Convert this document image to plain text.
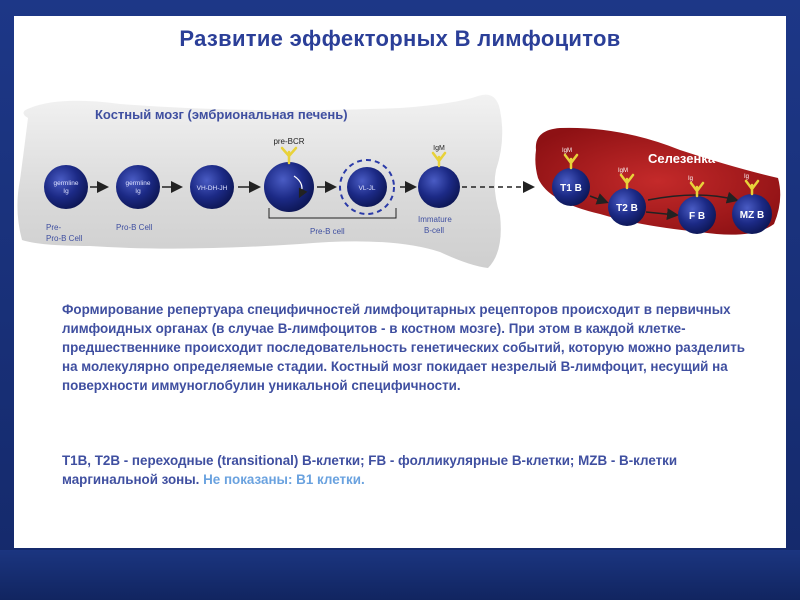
Развитие эффекторных В лимфоцитов
Костный мозг (эмбриональная печень)
Селезенка
germline
Ig
Pre-
Pro-B Cell
germline
Ig
Pro-B Cell
VH-DH-JH
pre-BCR
VL-JL
IgM
Immature
B-cell
Pre-B cell
IgM
T1 B
IgM
T2 B
Ig
F B
Ig
MZ B
Формирование репертуара специфичностей лимфоцитарных рецепторов происходит в первичных лимфоидных органах (в случае В-лимфоцитов - в костном мозге). При этом в каждой клетке-предшественнике происходит последовательность генетических событий, которую можно разделить на молекулярно определяемые стадии. Костный мозг покидает незрелый В-лимфоцит, несущий на поверхности иммуноглобулин уникальной специфичности.
T1B, T2B - переходные (transitional) В-клетки; FB - фолликулярные В-клетки; MZB - В-клетки маргинальной зоны. Не показаны: В1 клетки.
